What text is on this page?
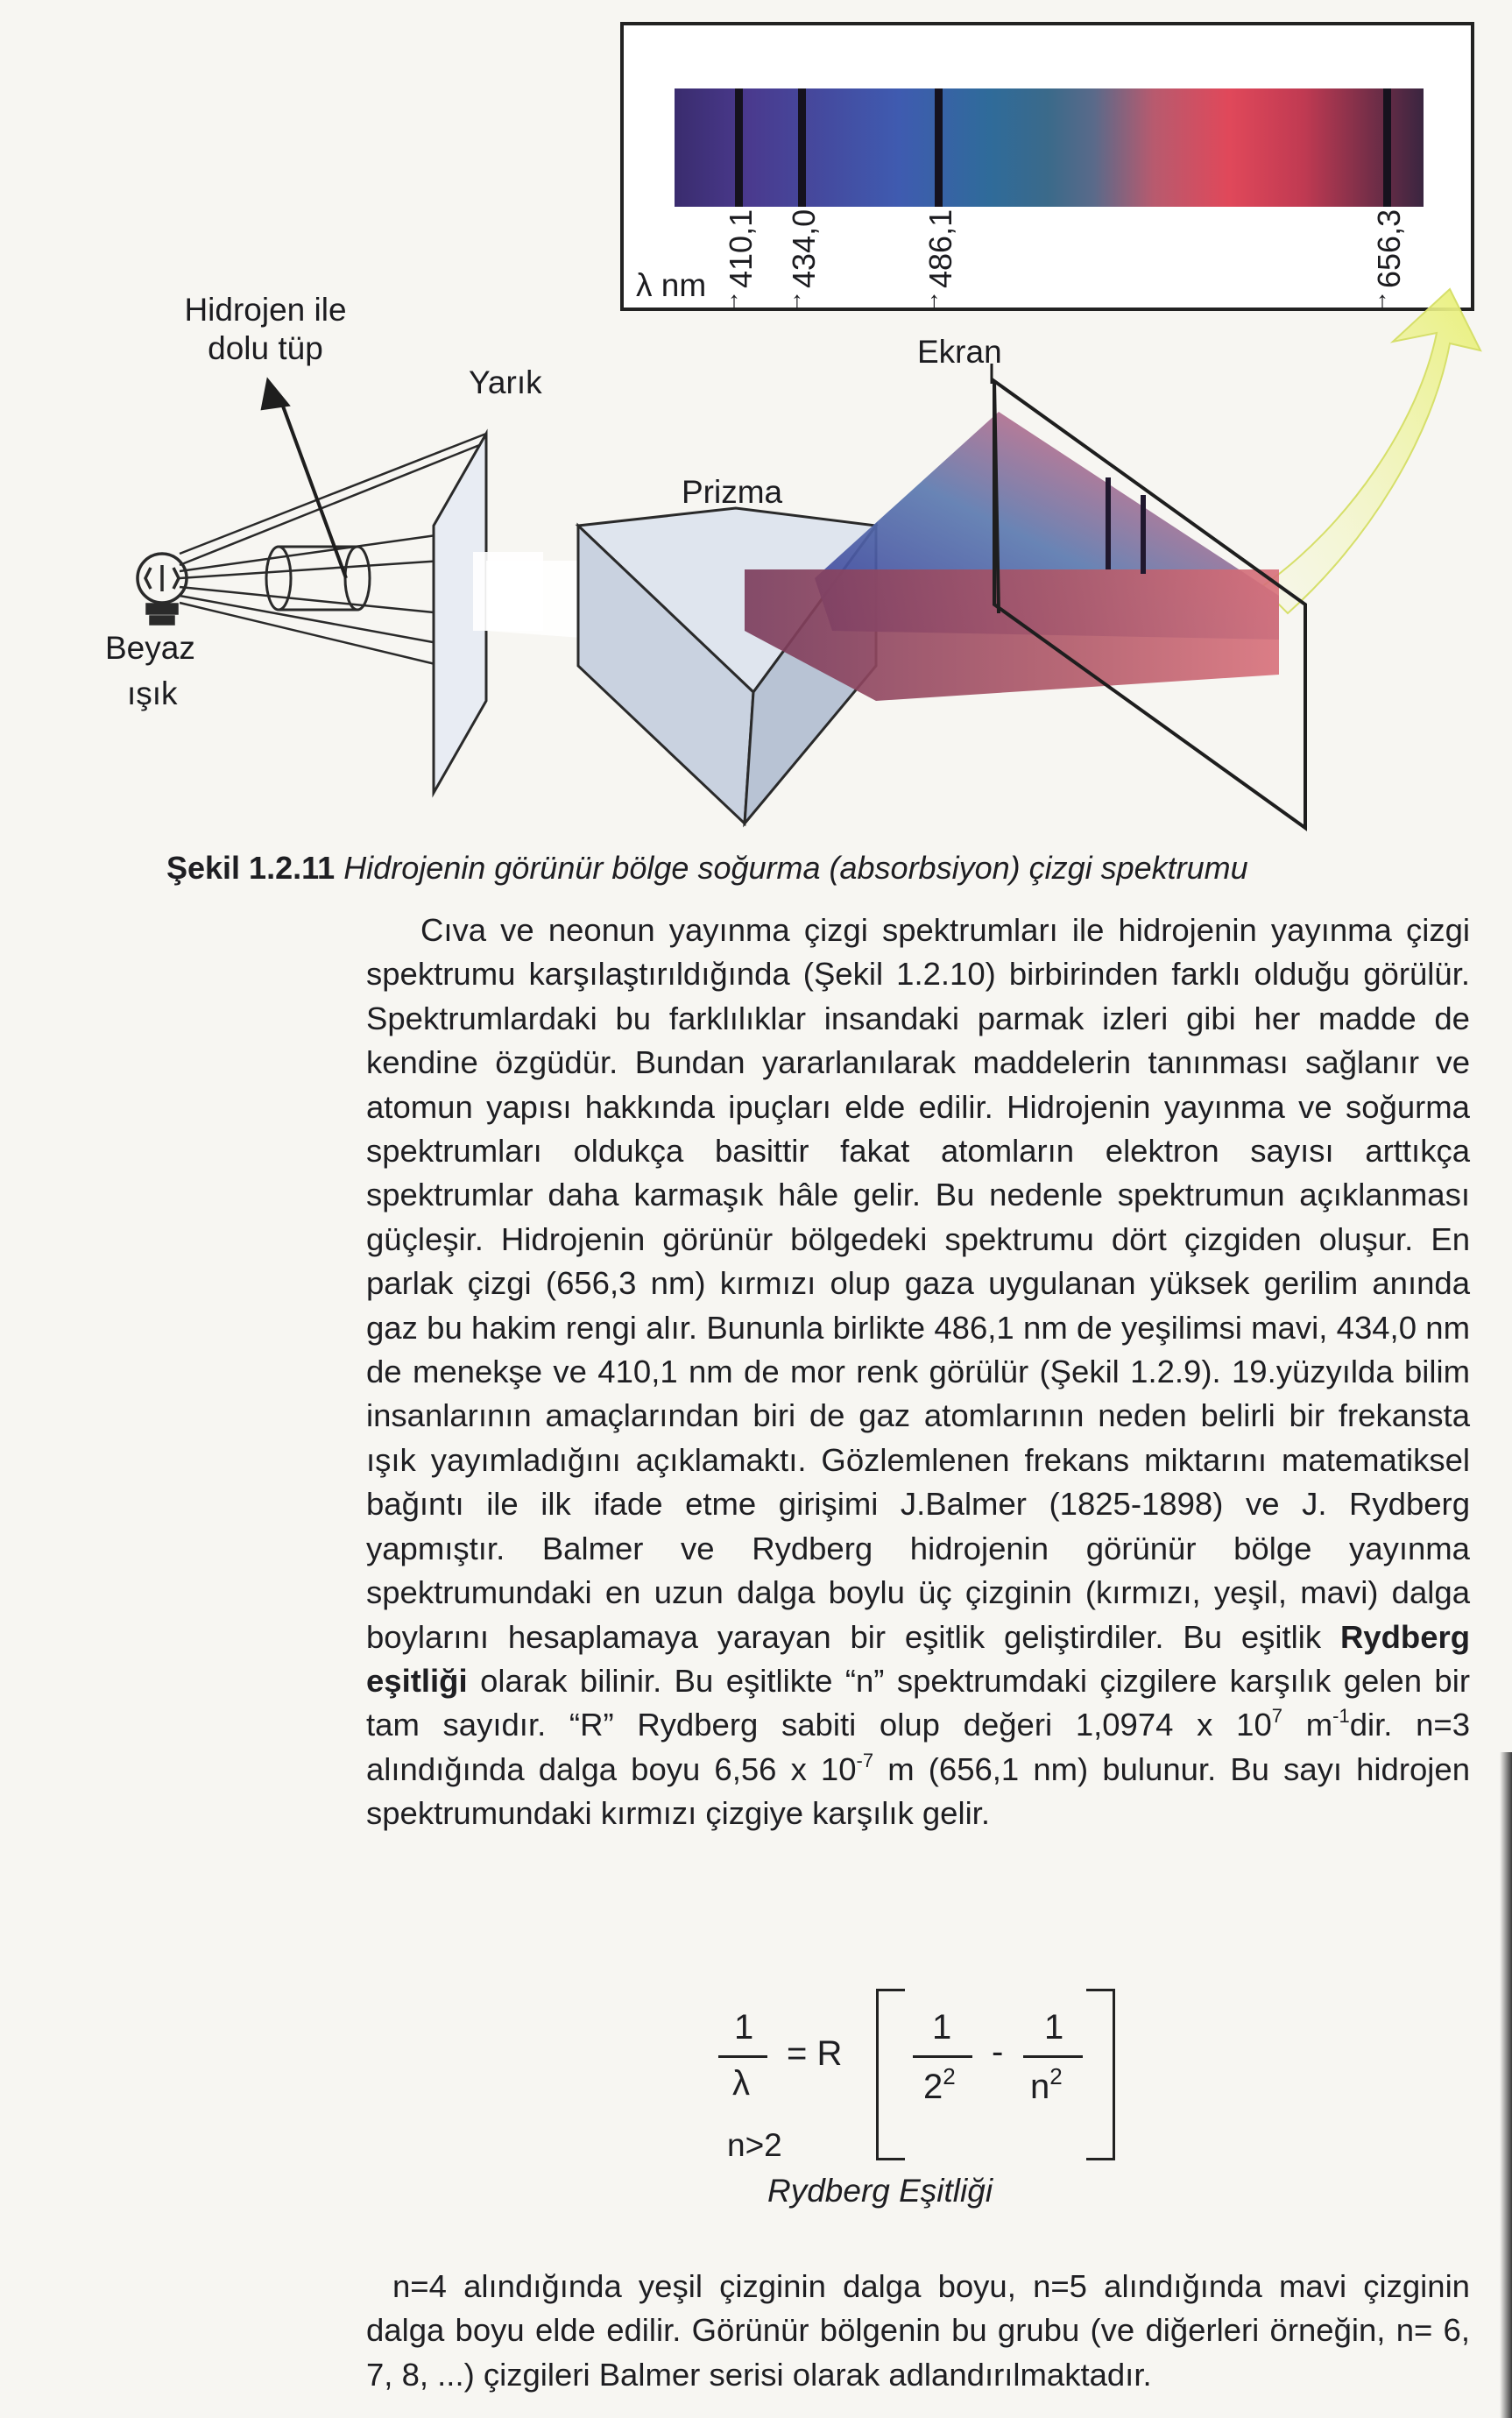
λ nm 410,1
↑
434,0
↑
486,1
↑
656,3
↑
Hidrojen ile dolu tüp
Yarık
Prizma
Ekran
Beyaz
ışık
Şekil 1.2.11 Hidrojenin görünür bölge soğurma (absorbsiyon) çizgi spektrumu

Cıva ve neonun yayınma çizgi spektrumları ile hidrojenin yayınma çizgi spektrumu karşılaştırıldığında (Şekil 1.2.10) birbirinden farklı olduğu görülür. Spektrumlardaki bu farklılıklar insandaki parmak izleri gibi her madde de kendine özgüdür. Bundan yararlanılarak maddelerin tanınması sağlanır ve atomun yapısı hakkında ipuçları elde edilir. Hidrojenin yayınma ve soğurma spektrumları oldukça basittir fakat atomların elektron sayısı arttıkça spektrumlar daha karmaşık hâle gelir. Bu nedenle spektrumun açıklanması güçleşir. Hidrojenin görünür bölgedeki spektrumu dört çizgiden oluşur. En parlak çizgi (656,3 nm) kırmızı olup gaza uygulanan yüksek gerilim anında gaz bu hakim rengi alır. Bununla birlikte 486,1 nm de yeşilimsi mavi, 434,0 nm de menekşe ve 410,1 nm de mor renk görülür (Şekil 1.2.9). 19.yüzyılda bilim insanlarının amaçlarından biri de gaz atomlarının neden belirli bir frekansta ışık yayımladığını açıklamaktı. Gözlemlenen frekans miktarını matematiksel bağıntı ile ilk ifade etme girişimi J.Balmer (1825-1898) ve J. Rydberg yapmıştır. Balmer ve Rydberg hidrojenin görünür bölge yayınma spektrumundaki en uzun dalga boylu üç çizginin (kırmızı, yeşil, mavi) dalga boylarını hesaplamaya yarayan bir eşitlik geliştirdiler. Bu eşitlik Rydberg eşitliği olarak bilinir. Bu eşitlikte “n” spektrumdaki çizgilere karşılık gelen bir tam sayıdır. “R” Rydberg sabiti olup değeri 1,0974 x $10^7$ $m^{-1}dir$. n=3 alındığında dalga boyu 6,56 x $10^{-7}$ m (656,1 nm) bulunur. Bu sayı hidrojen spektrumundaki kırmızı çizgiye karşılık gelir.

1
λ
= R
1
$2^2$
-
1
$n^2$
n>2
Rydberg Eşitliği

n=4 alındığında yeşil çizginin dalga boyu, n=5 alındığında mavi çizginin dalga boyu elde edilir. Görünür bölgenin bu grubu (ve diğerleri örneğin, n= 6, 7, 8, ...) çizgileri Balmer serisi olarak adlandırılmaktadır.
